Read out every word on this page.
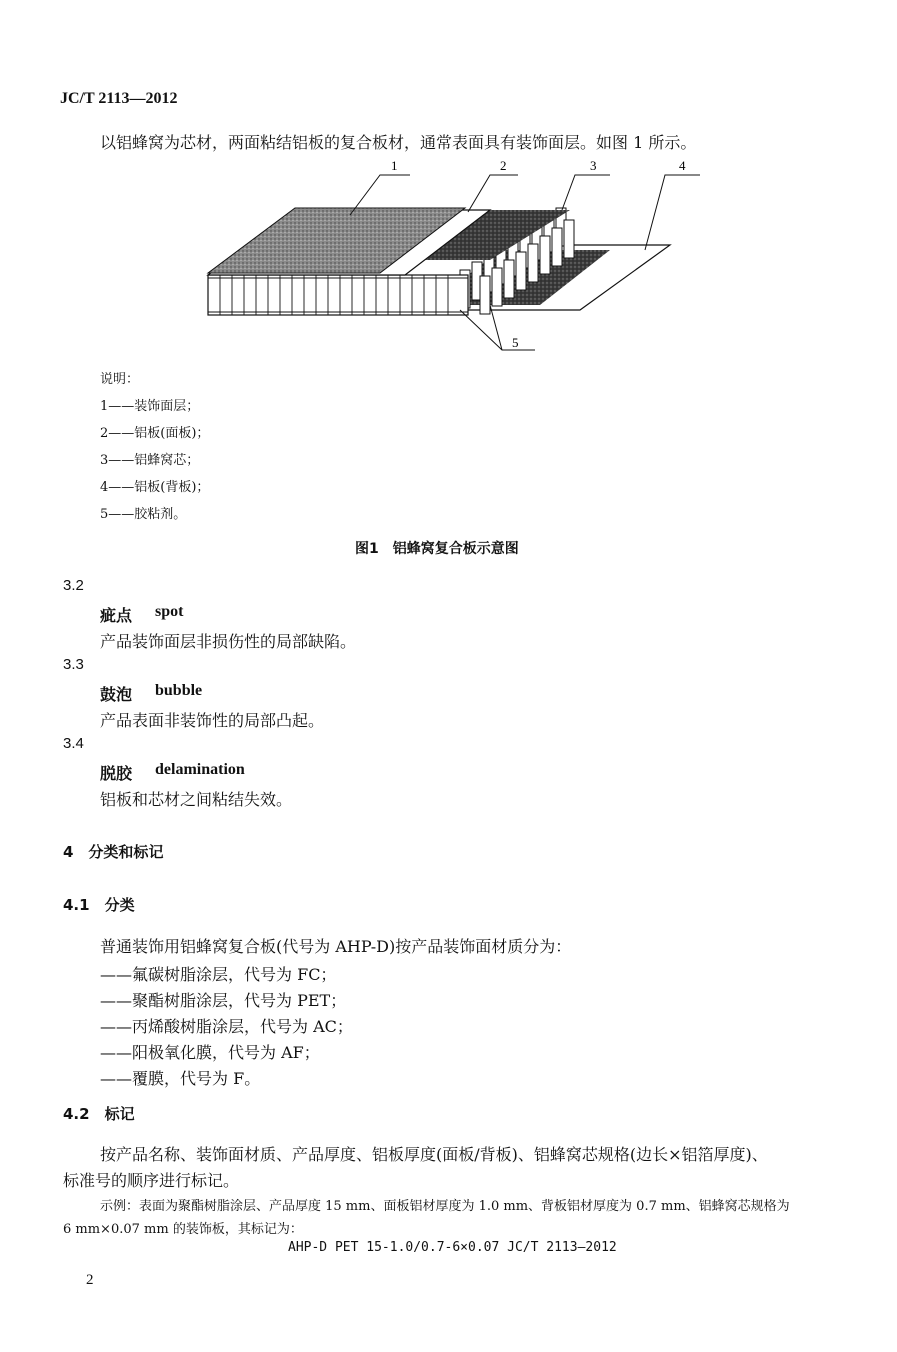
JC/T 2113—2012
以铝蜂窝为芯材，两面粘结铝板的复合板材，通常表面具有装饰面层。如图 1 所示。
1	2	3	4
5
说明：
1——装饰面层；
2——铝板(面板)；
3——铝蜂窝芯；
4——铝板(背板)；
5——胶粘剂。
图1　铝蜂窝复合板示意图
3.2
疵点 spot
产品装饰面层非损伤性的局部缺陷。
3.3
鼓泡 bubble
产品表面非装饰性的局部凸起。
3.4
脱胶 delamination
铝板和芯材之间粘结失效。
4　分类和标记
4.1　分类
普通装饰用铝蜂窝复合板(代号为 AHP-D)按产品装饰面材质分为：
——氟碳树脂涂层，代号为 FC；
——聚酯树脂涂层，代号为 PET；
——丙烯酸树脂涂层，代号为 AC；
——阳极氧化膜，代号为 AF；
——覆膜，代号为 F。
4.2　标记
按产品名称、装饰面材质、产品厚度、铝板厚度(面板/背板)、铝蜂窝芯规格(边长×铝箔厚度)、
标准号的顺序进行标记。
示例：表面为聚酯树脂涂层、产品厚度 15 mm、面板铝材厚度为 1.0 mm、背板铝材厚度为 0.7 mm、铝蜂窝芯规格为
6 mm×0.07 mm 的装饰板，其标记为：
AHP-D PET 15-1.0/0.7-6×0.07 JC/T 2113—2012
2
